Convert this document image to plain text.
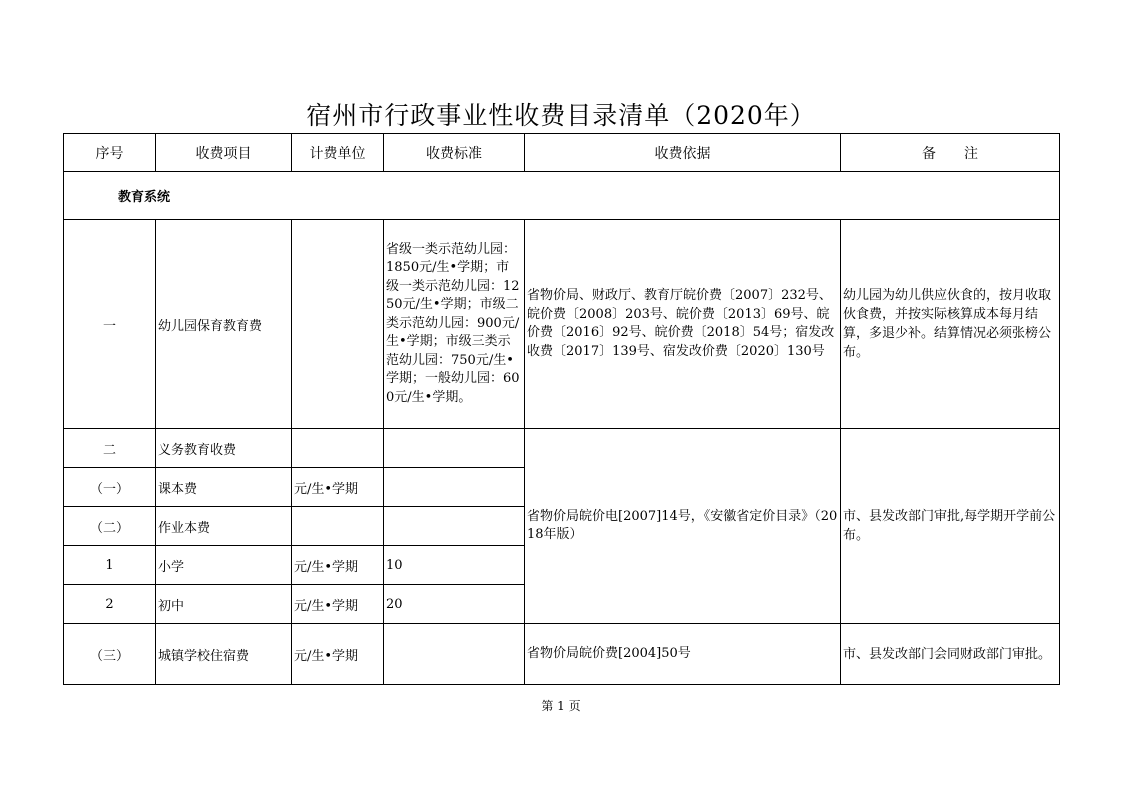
宿州市行政事业性收费目录清单（2020年）
序号	收费项目	计费单位	收费标准	收费依据	备　　注
教育系统					
一	幼儿园保育教育费		省级一类示范幼儿园：1850元/生•学期；市级一类示范幼儿园：1250元/生•学期；市级二类示范幼儿园：900元/生•学期；市级三类示范幼儿园：750元/生•学期；一般幼儿园：600元/生•学期。	省物价局、财政厅、教育厅皖价费〔2007〕232号、皖价费〔2008〕203号、皖价费〔2013〕69号、皖价费〔2016〕92号、皖价费〔2018〕54号；宿发改收费〔2017〕139号、宿发改价费〔2020〕130号	幼儿园为幼儿供应伙食的，按月收取伙食费，并按实际核算成本每月结算，多退少补。结算情况必须张榜公布。
二	义务教育收费			省物价局皖价电[2007]14号，《安徽省定价目录》（2018年版）	市、县发改部门审批,每学期开学前公布。
（一）	课本费	元/生•学期			
（二）	作业本费				
1	小学	元/生•学期	10		
2	初中	元/生•学期	20		
（三）	城镇学校住宿费	元/生•学期		省物价局皖价费[2004]50号	市、县发改部门会同财政部门审批。
第 1 页
